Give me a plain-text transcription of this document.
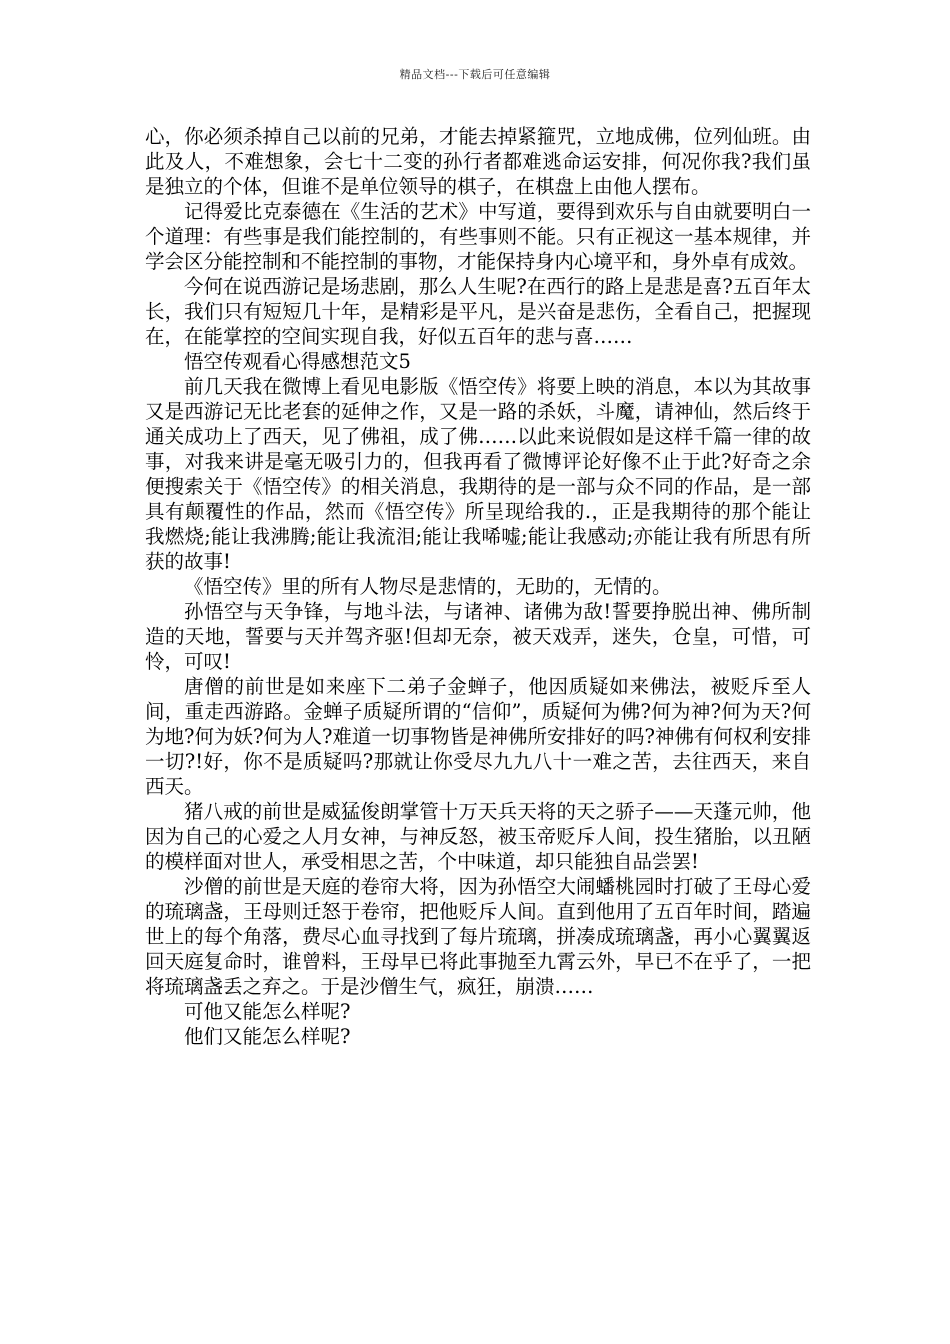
精品文档---下载后可任意编辑

心，你必须杀掉自己以前的兄弟，才能去掉紧箍咒，立地成佛，位列仙班。由此及人，不难想象，会七十二变的孙行者都难逃命运安排，何况你我?我们虽是独立的个体，但谁不是单位领导的棋子，在棋盘上由他人摆布。

记得爱比克泰德在《生活的艺术》中写道，要得到欢乐与自由就要明白一个道理：有些事是我们能控制的，有些事则不能。只有正视这一基本规律，并学会区分能控制和不能控制的事物，才能保持身内心境平和，身外卓有成效。

今何在说西游记是场悲剧，那么人生呢?在西行的路上是悲是喜?五百年太长，我们只有短短几十年，是精彩是平凡，是兴奋是悲伤，全看自己，把握现在，在能掌控的空间实现自我，好似五百年的悲与喜……

悟空传观看心得感想范文5

前几天我在微博上看见电影版《悟空传》将要上映的消息，本以为其故事又是西游记无比老套的延伸之作，又是一路的杀妖，斗魔，请神仙，然后终于通关成功上了西天，见了佛祖，成了佛……以此来说假如是这样千篇一律的故事，对我来讲是毫无吸引力的，但我再看了微博评论好像不止于此?好奇之余便搜索关于《悟空传》的相关消息，我期待的是一部与众不同的作品，是一部具有颠覆性的作品，然而《悟空传》所呈现给我的.，正是我期待的那个能让我燃烧;能让我沸腾;能让我流泪;能让我唏嘘;能让我感动;亦能让我有所思有所获的故事!

《悟空传》里的所有人物尽是悲情的，无助的，无情的。

孙悟空与天争锋，与地斗法，与诸神、诸佛为敌!誓要挣脱出神、佛所制造的天地，誓要与天并驾齐驱!但却无奈，被天戏弄，迷失，仓皇，可惜，可怜，可叹!

唐僧的前世是如来座下二弟子金蝉子，他因质疑如来佛法，被贬斥至人间，重走西游路。金蝉子质疑所谓的“信仰”，质疑何为佛?何为神?何为天?何为地?何为妖?何为人?难道一切事物皆是神佛所安排好的吗?神佛有何权利安排一切?!好，你不是质疑吗?那就让你受尽九九八十一难之苦，去往西天，来自西天。

猪八戒的前世是威猛俊朗掌管十万天兵天将的天之骄子——天蓬元帅，他因为自己的心爱之人月女神，与神反怒，被玉帝贬斥人间，投生猪胎，以丑陋的模样面对世人，承受相思之苦，个中味道，却只能独自品尝罢!

沙僧的前世是天庭的卷帘大将，因为孙悟空大闹蟠桃园时打破了王母心爱的琉璃盏，王母则迁怒于卷帘，把他贬斥人间。直到他用了五百年时间，踏遍世上的每个角落，费尽心血寻找到了每片琉璃，拼凑成琉璃盏，再小心翼翼返回天庭复命时，谁曾料，王母早已将此事抛至九霄云外，早已不在乎了，一把将琉璃盏丢之弃之。于是沙僧生气，疯狂，崩溃……

可他又能怎么样呢?

他们又能怎么样呢?
